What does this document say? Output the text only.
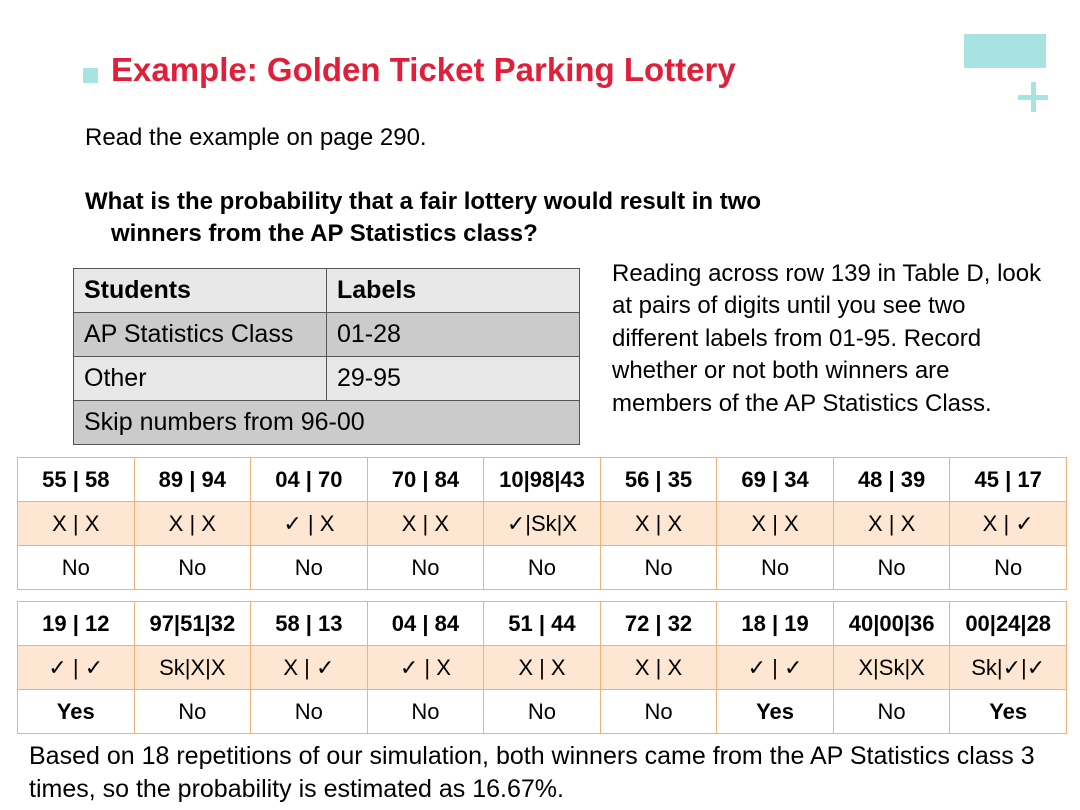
Example: Golden Ticket Parking Lottery
Read the example on page 290.
What is the probability that a fair lottery would result in two
winners from the AP Statistics class?
Students	Labels
AP Statistics Class	01-28
Other	29-95
Skip numbers from 96-00	
Reading across row 139 in Table D, look at pairs of digits until you see two different labels from 01-95. Record whether or not both winners are members of the AP Statistics Class.
55 | 58	89 | 94	04 | 70	70 | 84	10|98|43	56 | 35	69 | 34	48 | 39	45 | 17
X | X	X | X	✓ | X	X | X	✓|Sk|X	X | X	X | X	X | X	X | ✓
No	No	No	No	No	No	No	No	No
19 | 12	97|51|32	58 | 13	04 | 84	51 | 44	72 | 32	18 | 19	40|00|36	00|24|28
✓ | ✓	Sk|X|X	X | ✓	✓ | X	X | X	X | X	✓ | ✓	X|Sk|X	Sk|✓|✓
Yes	No	No	No	No	No	Yes	No	Yes
Based on 18 repetitions of our simulation, both winners came from the AP Statistics class 3 times, so the probability is estimated as 16.67%.
